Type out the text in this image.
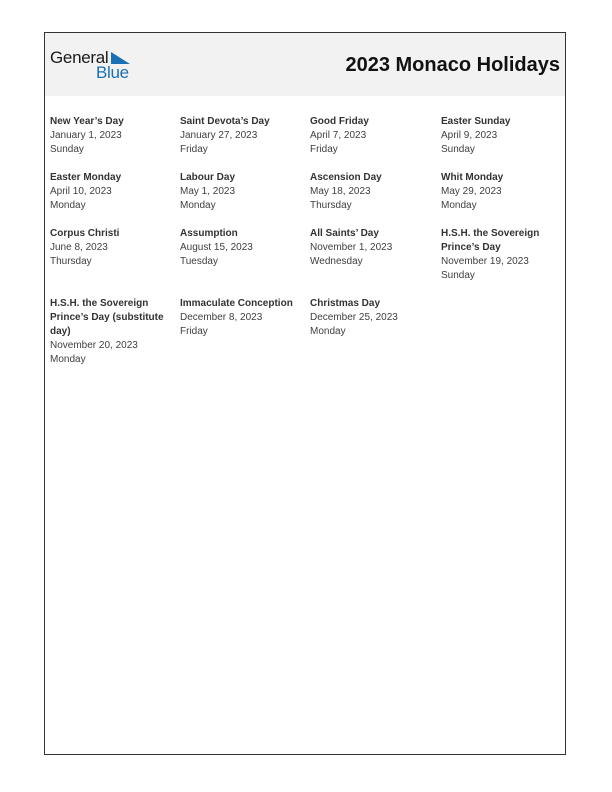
General
Blue	2023 Monaco Holidays
New Year’s Day
January 1, 2023
Sunday
Saint Devota’s Day
January 27, 2023
Friday
Good Friday
April 7, 2023
Friday
Easter Sunday
April 9, 2023
Sunday
Easter Monday
April 10, 2023
Monday
Labour Day
May 1, 2023
Monday
Ascension Day
May 18, 2023
Thursday
Whit Monday
May 29, 2023
Monday
Corpus Christi
June 8, 2023
Thursday
Assumption
August 15, 2023
Tuesday
All Saints’ Day
November 1, 2023
Wednesday
H.S.H. the Sovereign Prince’s Day
November 19, 2023
Sunday
H.S.H. the Sovereign Prince’s Day (substitute day)
November 20, 2023
Monday
Immaculate Conception
December 8, 2023
Friday
Christmas Day
December 25, 2023
Monday
